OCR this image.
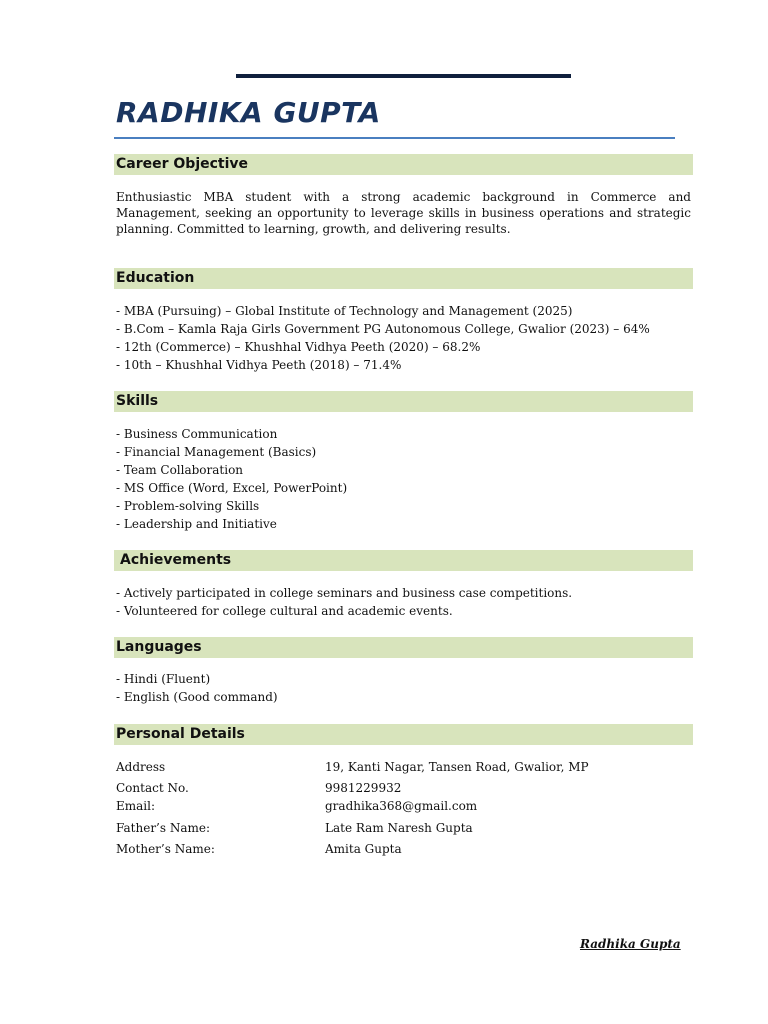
RADHIKA GUPTA
Career Objective

Enthusiastic MBA student with a strong academic background in Commerce and Management, seeking an opportunity to leverage skills in business operations and strategic planning. Committed to learning, growth, and delivering results.

Education
- MBA (Pursuing) – Global Institute of Technology and Management (2025)
- B.Com – Kamla Raja Girls Government PG Autonomous College, Gwalior (2023) – 64%
- 12th (Commerce) – Khushhal Vidhya Peeth (2020) – 68.2%
- 10th – Khushhal Vidhya Peeth (2018) – 71.4%
Skills
- Business Communication
- Financial Management (Basics)
- Team Collaboration
- MS Office (Word, Excel, PowerPoint)
- Problem-solving Skills
- Leadership and Initiative
Achievements
- Actively participated in college seminars and business case competitions.
- Volunteered for college cultural and academic events.
Languages
- Hindi (Fluent)
- English (Good command)
Personal Details
Address	19, Kanti Nagar, Tansen Road, Gwalior, MP
Contact No.	9981229932
Email:	gradhika368@gmail.com
Father’s Name:	Late Ram Naresh Gupta
Mother’s Name:	Amita Gupta
Radhika Gupta
